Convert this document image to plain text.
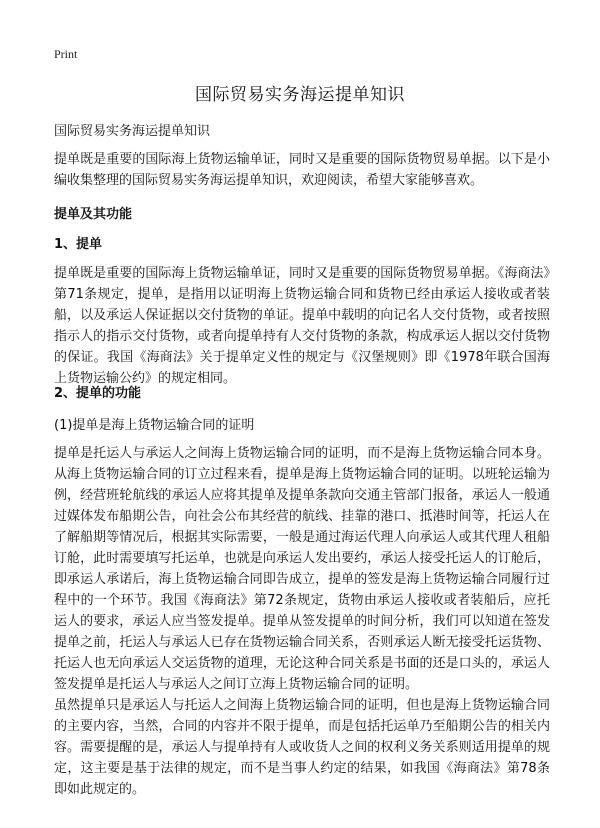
Print
国际贸易实务海运提单知识
国际贸易实务海运提单知识

提单既是重要的国际海上货物运输单证，同时又是重要的国际货物贸易单据。以下是小编收集整理的国际贸易实务海运提单知识，欢迎阅读，希望大家能够喜欢。

提单及其功能
1、提单

提单既是重要的国际海上货物运输单证，同时又是重要的国际货物贸易单据。《海商法》第71条规定，提单，是指用以证明海上货物运输合同和货物已经由承运人接收或者装船，以及承运人保证据以交付货物的单证。提单中载明的向记名人交付货物，或者按照指示人的指示交付货物，或者向提单持有人交付货物的条款，构成承运人据以交付货物的保证。我国《海商法》关于提单定义性的规定与《汉堡规则》即《1978年联合国海上货物运输公约》的规定相同。

2、提单的功能
(1)提单是海上货物运输合同的证明

提单是托运人与承运人之间海上货物运输合同的证明，而不是海上货物运输合同本身。从海上货物运输合同的订立过程来看，提单是海上货物运输合同的证明。以班轮运输为例，经营班轮航线的承运人应将其提单及提单条款向交通主管部门报备，承运人一般通过媒体发布船期公告，向社会公布其经营的航线、挂靠的港口、抵港时间等，托运人在了解船期等情况后，根据其实际需要，一般是通过海运代理人向承运人或其代理人租船订舱，此时需要填写托运单，也就是向承运人发出要约，承运人接受托运人的订舱后，即承运人承诺后，海上货物运输合同即告成立，提单的签发是海上货物运输合同履行过程中的一个环节。我国《海商法》第72条规定，货物由承运人接收或者装船后，应托运人的要求，承运人应当签发提单。提单从签发提单的时间分析，我们可以知道在签发提单之前，托运人与承运人已存在货物运输合同关系，否则承运人断无接受托运货物、托运人也无向承运人交运货物的道理，无论这种合同关系是书面的还是口头的，承运人签发提单是托运人与承运人之间订立海上货物运输合同的证明。

虽然提单只是承运人与托运人之间海上货物运输合同的证明，但也是海上货物运输合同的主要内容，当然，合同的内容并不限于提单，而是包括托运单乃至船期公告的相关内容。需要提醒的是，承运人与提单持有人或收货人之间的权利义务关系则适用提单的规定，这主要是基于法律的规定，而不是当事人约定的结果，如我国《海商法》第78条即如此规定的。
